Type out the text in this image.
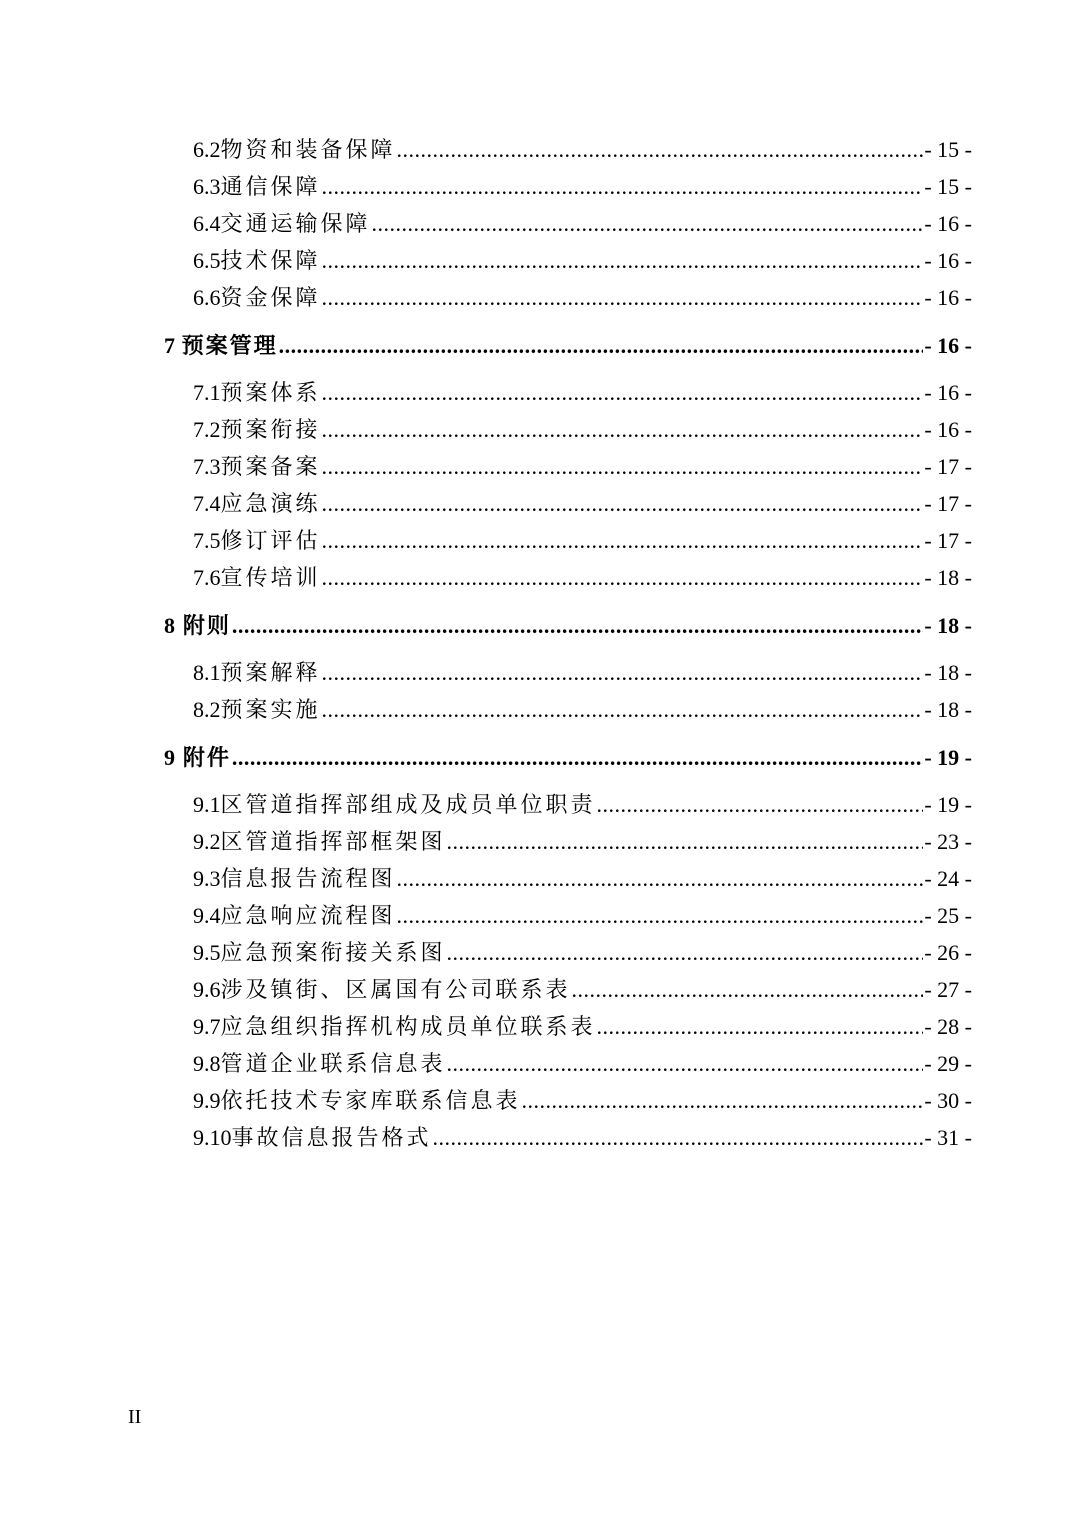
6.2 物资和装备保障 .....	- 15 -
6.3 通信保障 .....	- 15 -
6.4 交通运输保障 .....	- 16 -
6.5 技术保障 .....	- 16 -
6.6 资金保障 .....	- 16 -
7 预案管理 .....	- 16 -
7.1 预案体系 .....	- 16 -
7.2 预案衔接 .....	- 16 -
7.3 预案备案 .....	- 17 -
7.4 应急演练 .....	- 17 -
7.5 修订评估 .....	- 17 -
7.6 宣传培训 .....	- 18 -
8 附则 .....	- 18 -
8.1 预案解释 .....	- 18 -
8.2 预案实施 .....	- 18 -
9 附件 .....	- 19 -
9.1 区管道指挥部组成及成员单位职责 .....	- 19 -
9.2 区管道指挥部框架图 .....	- 23 -
9.3 信息报告流程图 .....	- 24 -
9.4 应急响应流程图 .....	- 25 -
9.5 应急预案衔接关系图 .....	- 26 -
9.6 涉及镇街、区属国有公司联系表 .....	- 27 -
9.7 应急组织指挥机构成员单位联系表 .....	- 28 -
9.8 管道企业联系信息表 .....	- 29 -
9.9 依托技术专家库联系信息表 .....	- 30 -
9.10 事故信息报告格式 .....	- 31 -
II
